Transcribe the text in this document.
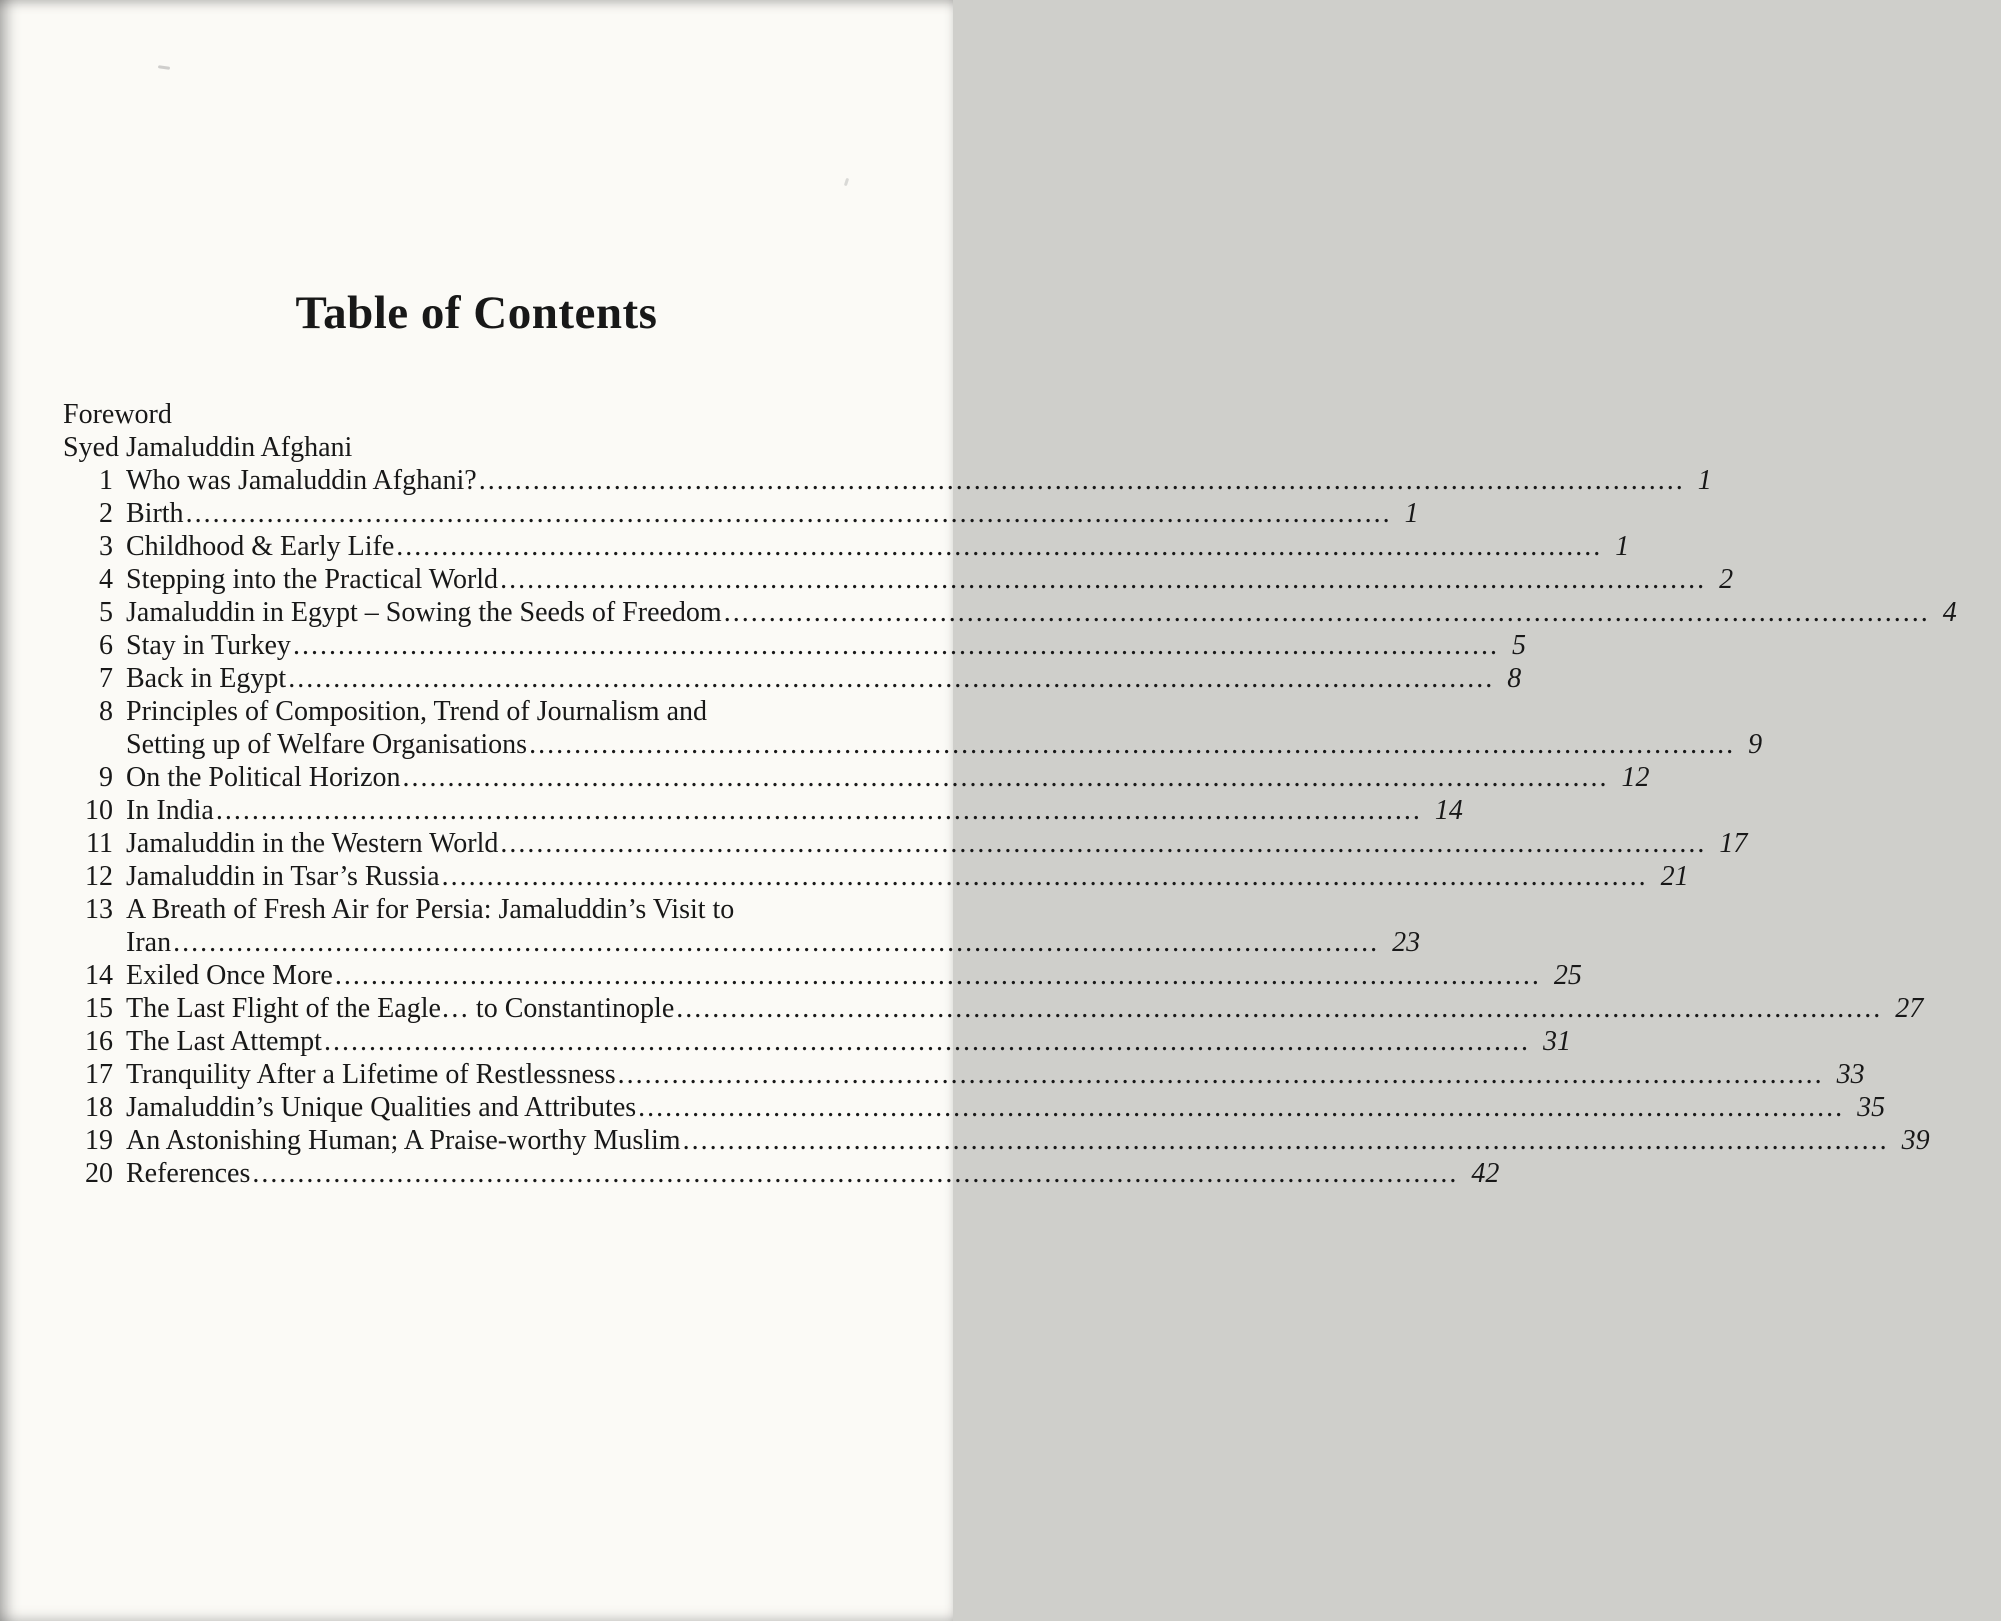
Table of Contents
Foreword
Syed Jamaluddin Afghani
1 Who was Jamaluddin Afghani? .....	1
2 Birth .....	1
3 Childhood & Early Life .....	1
4 Stepping into the Practical World .....	2
5 Jamaluddin in Egypt – Sowing the Seeds of Freedom .....	4
6 Stay in Turkey .....	5
7 Back in Egypt .....	8
8 Principles of Composition, Trend of Journalism and
Setting up of Welfare Organisations .....	9
9 On the Political Horizon .....	12
10 In India .....	14
11 Jamaluddin in the Western World .....	17
12 Jamaluddin in Tsar’s Russia .....	21
13 A Breath of Fresh Air for Persia: Jamaluddin’s Visit to
Iran .....	23
14 Exiled Once More .....	25
15 The Last Flight of the Eagle… to Constantinople .....	27
16 The Last Attempt .....	31
17 Tranquility After a Lifetime of Restlessness .....	33
18 Jamaluddin’s Unique Qualities and Attributes .....	35
19 An Astonishing Human; A Praise-worthy Muslim .....	39
20 References .....	42
